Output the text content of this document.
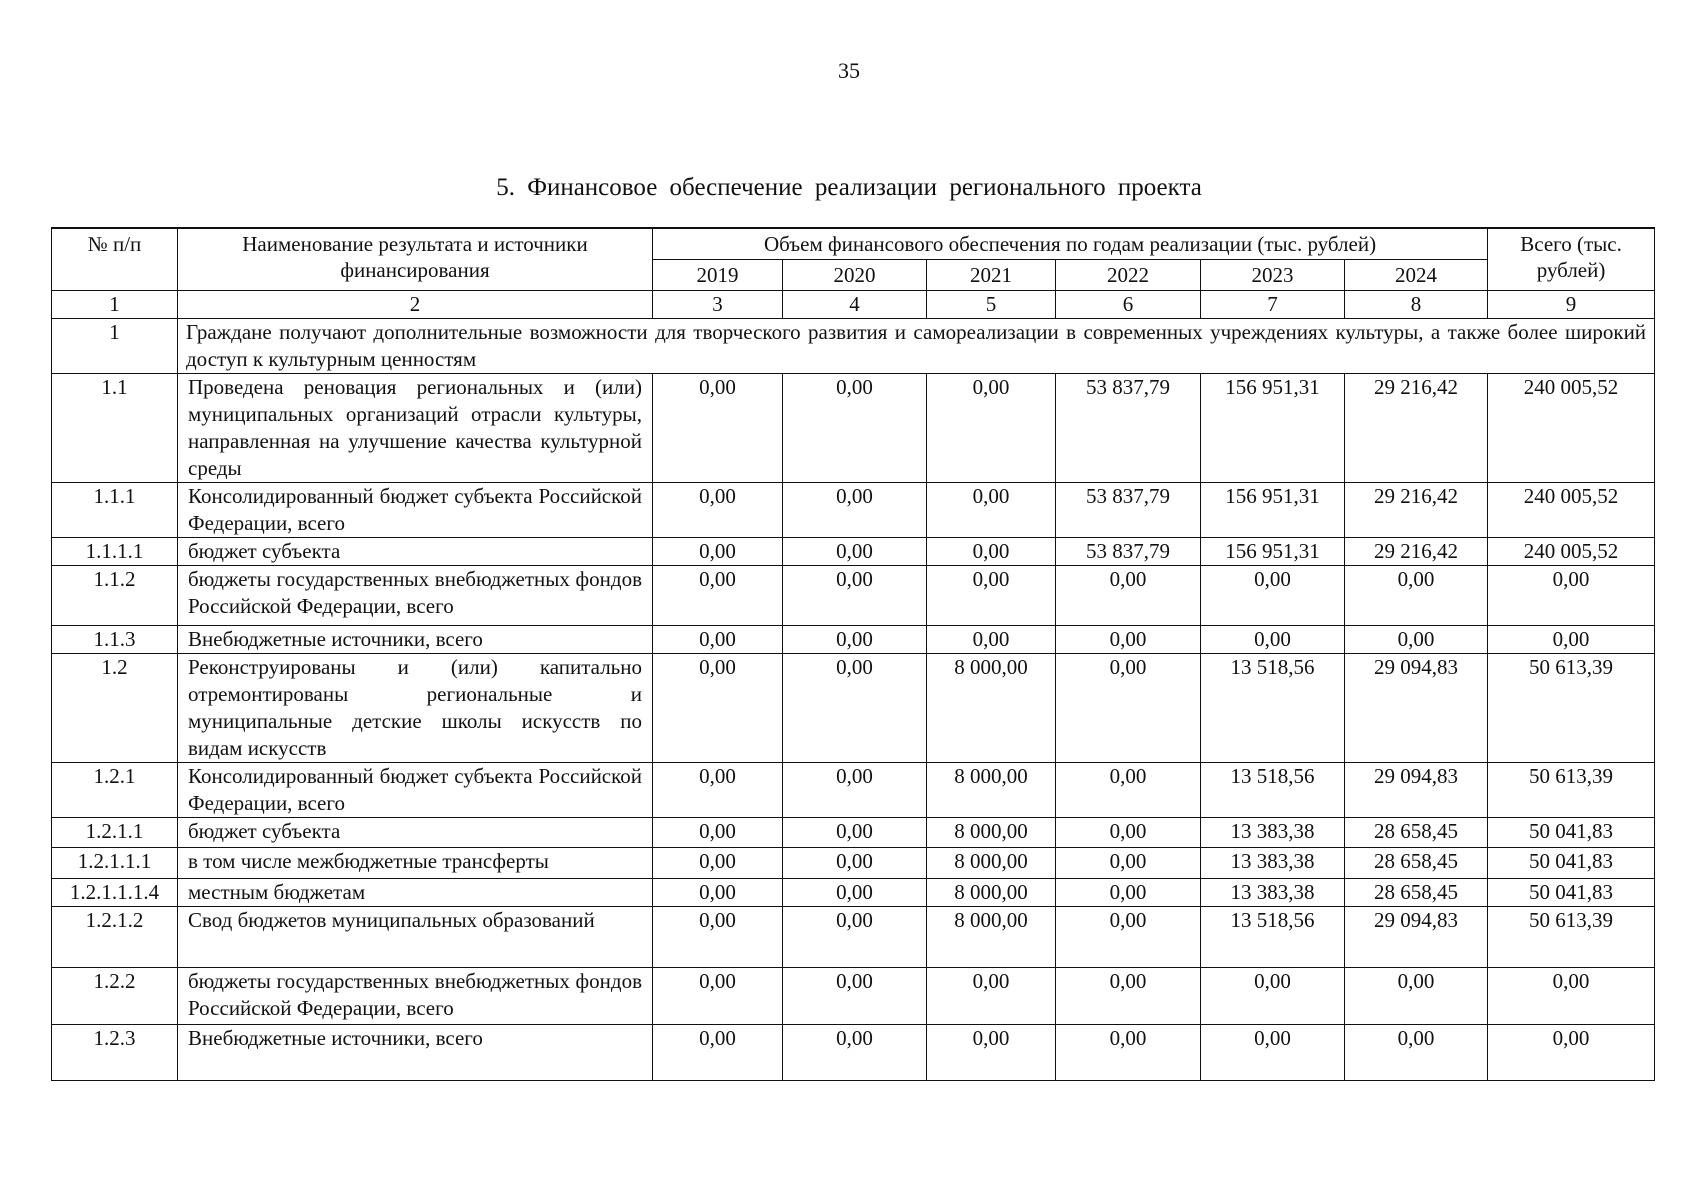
35
5. Финансовое обеспечение реализации регионального проекта
№ п/п	Наименование результата и источники финансирования	Объем финансового обеспечения по годам реализации (тыс. рублей)						Всего (тыс. рублей)
		2019	2020	2021	2022	2023	2024	
1	2	3	4	5	6	7	8	9
1	Граждане получают дополнительные возможности для творческого развития и самореализации в современных учреждениях культуры, а также более широкий доступ к культурным ценностям							
1.1	Проведена реновация региональных и (или) муниципальных организаций отрасли культуры, направленная на улучшение качества культурной среды	0,00	0,00	0,00	53 837,79	156 951,31	29 216,42	240 005,52
1.1.1	Консолидированный бюджет субъекта Российской Федерации, всего	0,00	0,00	0,00	53 837,79	156 951,31	29 216,42	240 005,52
1.1.1.1	бюджет субъекта	0,00	0,00	0,00	53 837,79	156 951,31	29 216,42	240 005,52
1.1.2	бюджеты государственных внебюджетных фондов Российской Федерации, всего	0,00	0,00	0,00	0,00	0,00	0,00	0,00
1.1.3	Внебюджетные источники, всего	0,00	0,00	0,00	0,00	0,00	0,00	0,00
1.2	Реконструированы и (или) капитально отремонтированы региональные и муниципальные детские школы искусств по видам искусств	0,00	0,00	8 000,00	0,00	13 518,56	29 094,83	50 613,39
1.2.1	Консолидированный бюджет субъекта Российской Федерации, всего	0,00	0,00	8 000,00	0,00	13 518,56	29 094,83	50 613,39
1.2.1.1	бюджет субъекта	0,00	0,00	8 000,00	0,00	13 383,38	28 658,45	50 041,83
1.2.1.1.1	в том числе межбюджетные трансферты	0,00	0,00	8 000,00	0,00	13 383,38	28 658,45	50 041,83
1.2.1.1.1.4	местным бюджетам	0,00	0,00	8 000,00	0,00	13 383,38	28 658,45	50 041,83
1.2.1.2	Свод бюджетов муниципальных образований	0,00	0,00	8 000,00	0,00	13 518,56	29 094,83	50 613,39
1.2.2	бюджеты государственных внебюджетных фондов Российской Федерации, всего	0,00	0,00	0,00	0,00	0,00	0,00	0,00
1.2.3	Внебюджетные источники, всего	0,00	0,00	0,00	0,00	0,00	0,00	0,00
